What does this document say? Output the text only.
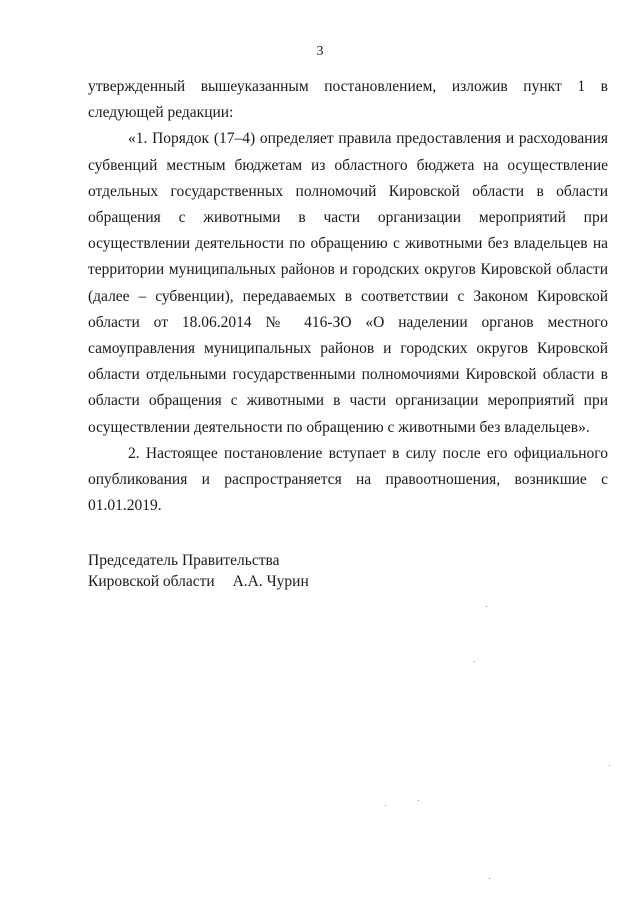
3

утвержденный вышеуказанным постановлением, изложив пункт 1 в следующей редакции:

«1. Порядок (17–4) определяет правила предоставления и расходования субвенций местным бюджетам из областного бюджета на осуществление отдельных государственных полномочий Кировской области в области обращения с животными в части организации мероприятий при осуществлении деятельности по обращению с животными без владельцев на территории муниципальных районов и городских округов Кировской области (далее – субвенции), передаваемых в соответствии с Законом Кировской области от 18.06.2014 № 416-ЗО «О наделении органов местного самоуправления муниципальных районов и городских округов Кировской области отдельными государственными полномочиями Кировской области в области обращения с животными в части организации мероприятий при осуществлении деятельности по обращению с животными без владельцев».

2. Настоящее постановление вступает в силу после его официального опубликования и распространяется на правоотношения, возникшие с 01.01.2019.

Председатель Правительства
Кировской области А.А. Чурин
